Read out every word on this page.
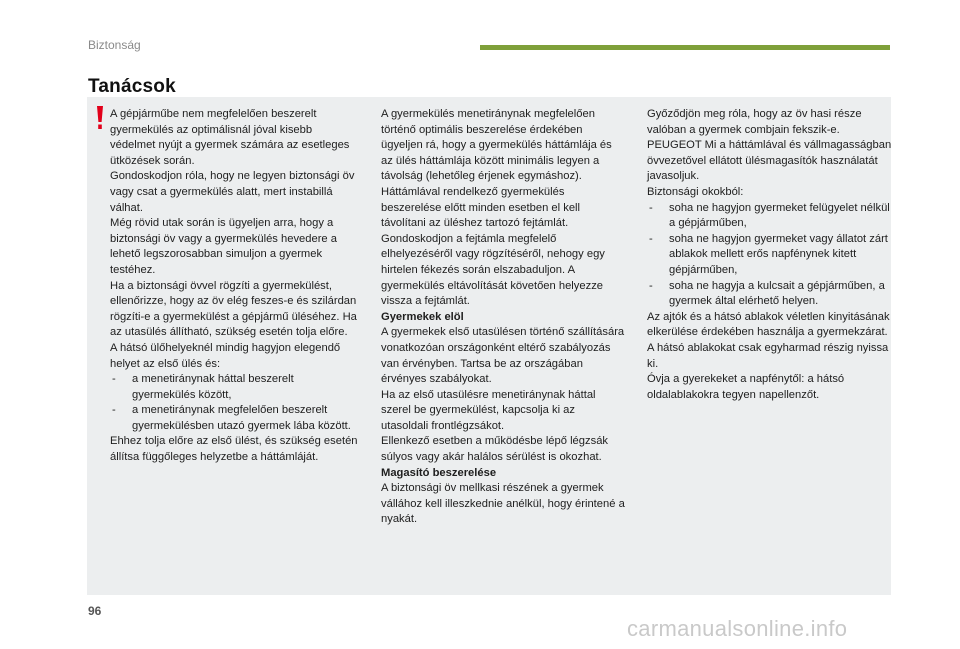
Biztonság
Tanácsok

A gépjárműbe nem megfelelően beszerelt gyermekülés az optimálisnál jóval kisebb védelmet nyújt a gyermek számára az esetleges ütközések során.

Gondoskodjon róla, hogy ne legyen biztonsági öv vagy csat a gyermekülés alatt, mert instabillá válhat.

Még rövid utak során is ügyeljen arra, hogy a biztonsági öv vagy a gyermekülés hevedere a lehető legszorosabban simuljon a gyermek testéhez.

Ha a biztonsági övvel rögzíti a gyermekülést, ellenőrizze, hogy az öv elég feszes-e és szilárdan rögzíti-e a gyermekülést a gépjármű üléséhez. Ha az utasülés állítható, szükség esetén tolja előre.

A hátsó ülőhelyeknél mindig hagyjon elegendő helyet az első ülés és:

- a menetiránynak háttal beszerelt gyermekülés között,

- a menetiránynak megfelelően beszerelt gyermekülésben utazó gyermek lába között.

Ehhez tolja előre az első ülést, és szükség esetén állítsa függőleges helyzetbe a háttámláját.

A gyermekülés menetiránynak megfelelően történő optimális beszerelése érdekében ügyeljen rá, hogy a gyermekülés háttámlája és az ülés háttámlája között minimális legyen a távolság (lehetőleg érjenek egymáshoz).

Háttámlával rendelkező gyermekülés beszerelése előtt minden esetben el kell távolítani az üléshez tartozó fejtámlát.

Gondoskodjon a fejtámla megfelelő elhelyezéséről vagy rögzítéséről, nehogy egy hirtelen fékezés során elszabaduljon. A gyermekülés eltávolítását követően helyezze vissza a fejtámlát.

Gyermekek elöl

A gyermekek első utasülésen történő szállítására vonatkozóan országonként eltérő szabályozás van érvényben. Tartsa be az országában érvényes szabályokat.

Ha az első utasülésre menetiránynak háttal szerel be gyermekülést, kapcsolja ki az utasoldali frontlégzsákot.

Ellenkező esetben a működésbe lépő légzsák súlyos vagy akár halálos sérülést is okozhat.

Magasító beszerelése

A biztonsági öv mellkasi részének a gyermek vállához kell illeszkednie anélkül, hogy érintené a nyakát.

Győződjön meg róla, hogy az öv hasi része valóban a gyermek combjain fekszik-e.

PEUGEOT Mi a háttámlával és vállmagasságban övvezetővel ellátott ülésmagasítók használatát javasoljuk.

Biztonsági okokból:

- soha ne hagyjon gyermeket felügyelet nélkül a gépjárműben,

- soha ne hagyjon gyermeket vagy állatot zárt ablakok mellett erős napfénynek kitett gépjárműben,

- soha ne hagyja a kulcsait a gépjárműben, a gyermek által elérhető helyen.

Az ajtók és a hátsó ablakok véletlen kinyitásának elkerülése érdekében használja a gyermekzárat.

A hátsó ablakokat csak egyharmad részig nyissa ki.

Óvja a gyerekeket a napfénytől: a hátsó oldalablakokra tegyen napellenzőt.

96
carmanualsonline.info
